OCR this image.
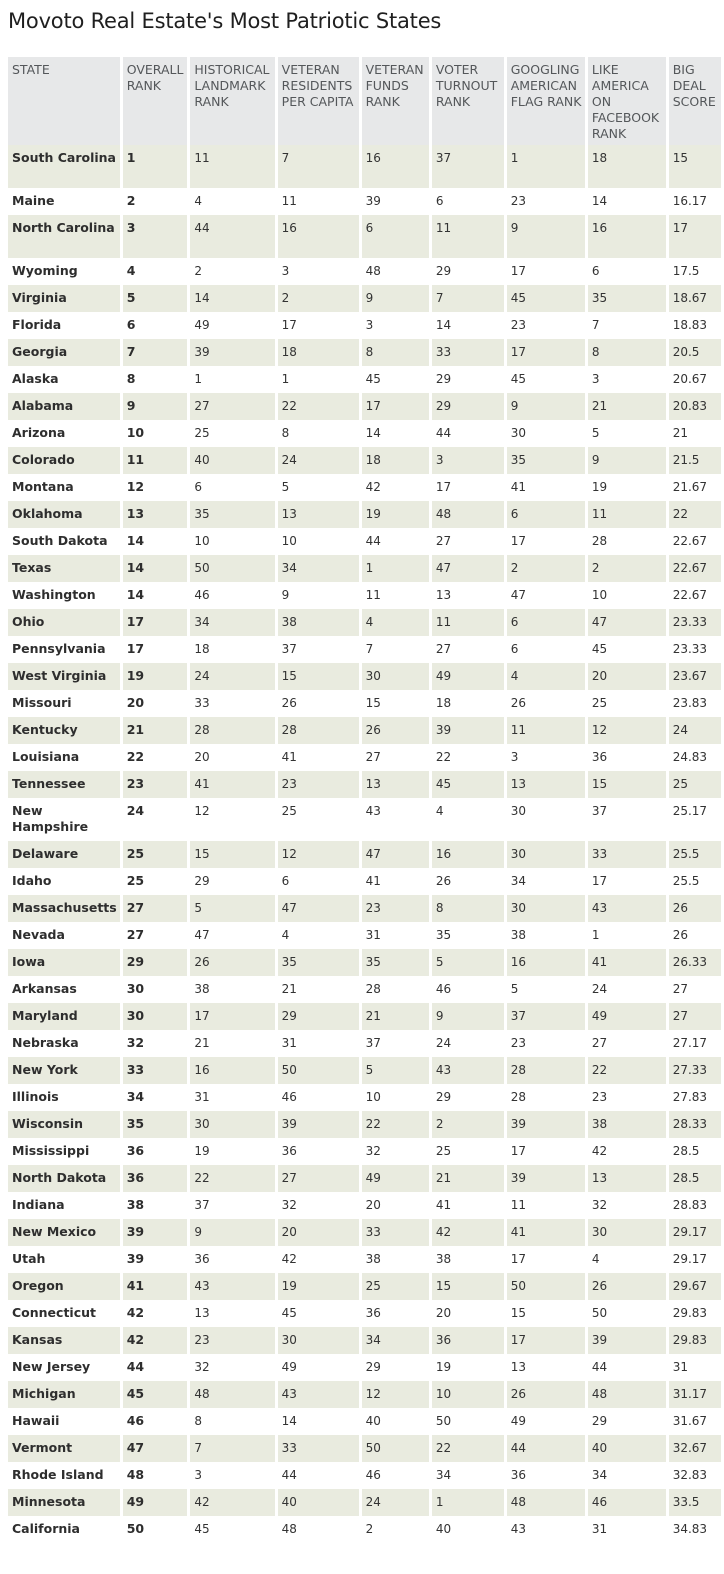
Movoto Real Estate's Most Patriotic States
STATE	OVERALL RANK	HISTORICAL LANDMARK RANK	VETERAN RESIDENTS PER CAPITA	VETERAN FUNDS RANK	VOTER TURNOUT RANK	GOOGLING AMERICAN FLAG RANK	LIKE AMERICA ON FACEBOOK RANK	BIG DEAL SCORE
South Carolina	1	11	7	16	37	1	18	15
Maine	2	4	11	39	6	23	14	16.17
North Carolina	3	44	16	6	11	9	16	17
Wyoming	4	2	3	48	29	17	6	17.5
Virginia	5	14	2	9	7	45	35	18.67
Florida	6	49	17	3	14	23	7	18.83
Georgia	7	39	18	8	33	17	8	20.5
Alaska	8	1	1	45	29	45	3	20.67
Alabama	9	27	22	17	29	9	21	20.83
Arizona	10	25	8	14	44	30	5	21
Colorado	11	40	24	18	3	35	9	21.5
Montana	12	6	5	42	17	41	19	21.67
Oklahoma	13	35	13	19	48	6	11	22
South Dakota	14	10	10	44	27	17	28	22.67
Texas	14	50	34	1	47	2	2	22.67
Washington	14	46	9	11	13	47	10	22.67
Ohio	17	34	38	4	11	6	47	23.33
Pennsylvania	17	18	37	7	27	6	45	23.33
West Virginia	19	24	15	30	49	4	20	23.67
Missouri	20	33	26	15	18	26	25	23.83
Kentucky	21	28	28	26	39	11	12	24
Louisiana	22	20	41	27	22	3	36	24.83
Tennessee	23	41	23	13	45	13	15	25
New Hampshire	24	12	25	43	4	30	37	25.17
Delaware	25	15	12	47	16	30	33	25.5
Idaho	25	29	6	41	26	34	17	25.5
Massachusetts	27	5	47	23	8	30	43	26
Nevada	27	47	4	31	35	38	1	26
Iowa	29	26	35	35	5	16	41	26.33
Arkansas	30	38	21	28	46	5	24	27
Maryland	30	17	29	21	9	37	49	27
Nebraska	32	21	31	37	24	23	27	27.17
New York	33	16	50	5	43	28	22	27.33
Illinois	34	31	46	10	29	28	23	27.83
Wisconsin	35	30	39	22	2	39	38	28.33
Mississippi	36	19	36	32	25	17	42	28.5
North Dakota	36	22	27	49	21	39	13	28.5
Indiana	38	37	32	20	41	11	32	28.83
New Mexico	39	9	20	33	42	41	30	29.17
Utah	39	36	42	38	38	17	4	29.17
Oregon	41	43	19	25	15	50	26	29.67
Connecticut	42	13	45	36	20	15	50	29.83
Kansas	42	23	30	34	36	17	39	29.83
New Jersey	44	32	49	29	19	13	44	31
Michigan	45	48	43	12	10	26	48	31.17
Hawaii	46	8	14	40	50	49	29	31.67
Vermont	47	7	33	50	22	44	40	32.67
Rhode Island	48	3	44	46	34	36	34	32.83
Minnesota	49	42	40	24	1	48	46	33.5
California	50	45	48	2	40	43	31	34.83
